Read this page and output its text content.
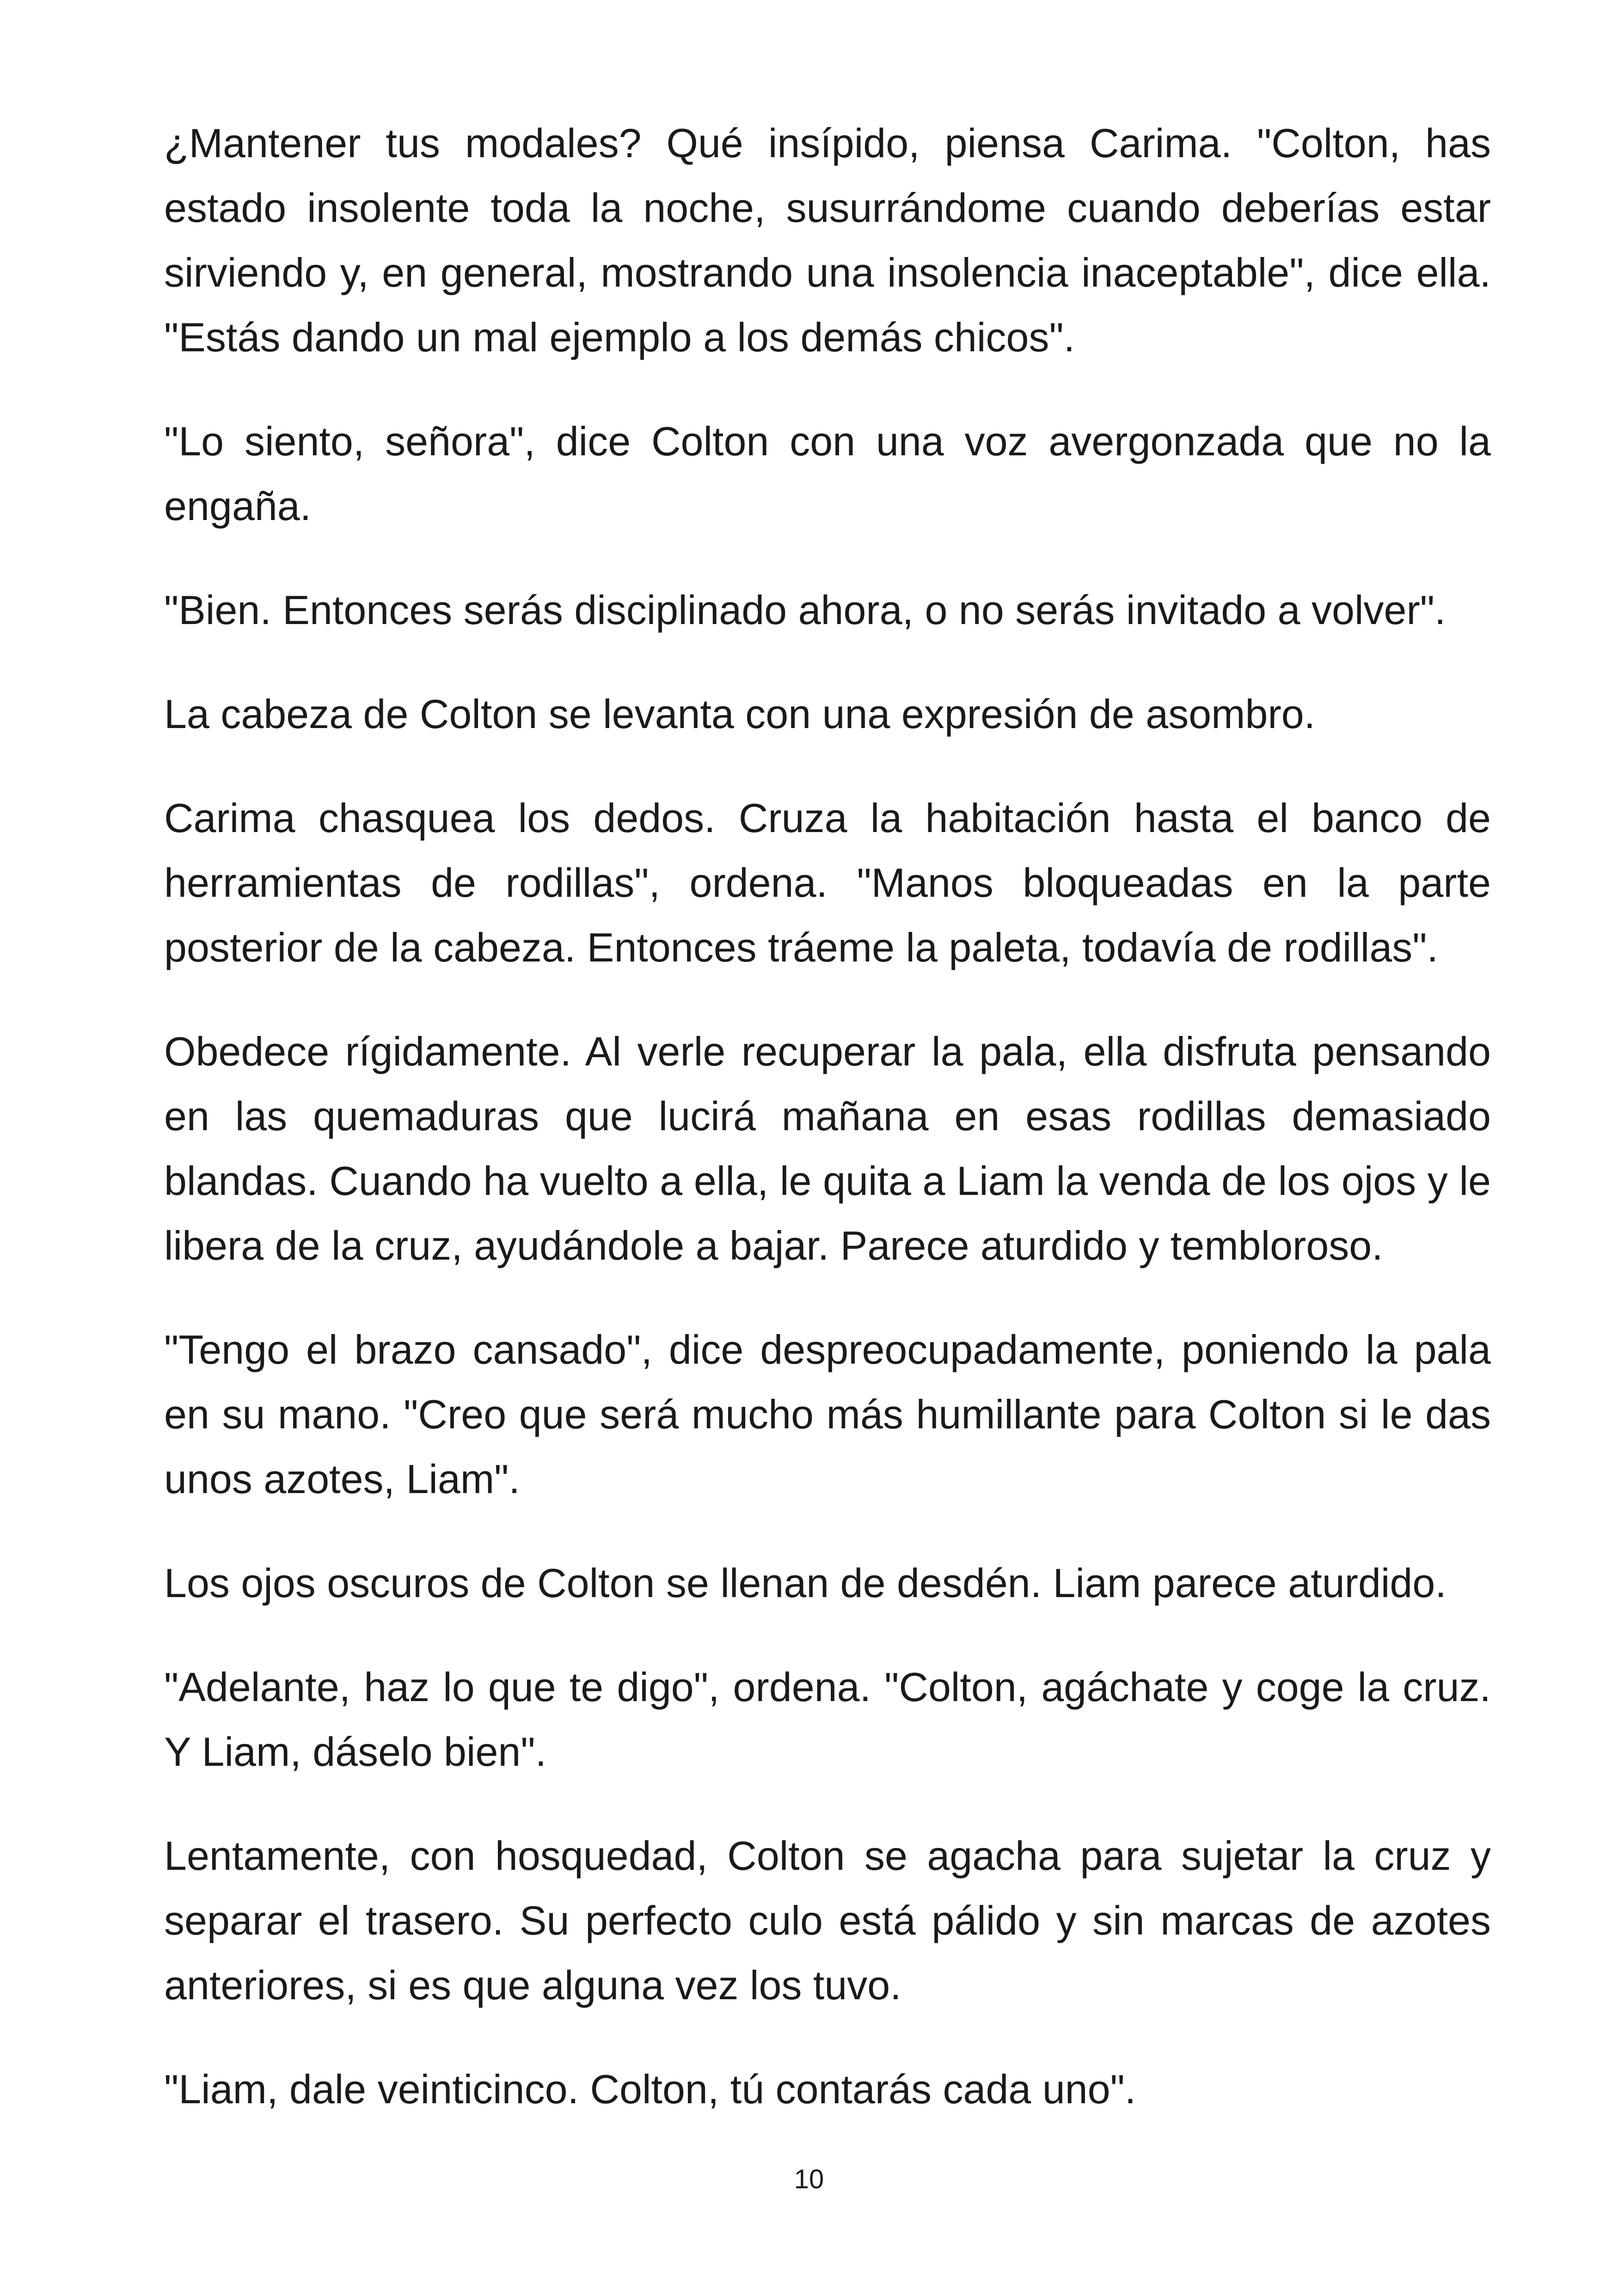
¿Mantener tus modales? Qué insípido, piensa Carima. "Colton, has estado insolente toda la noche, susurrándome cuando deberías estar sirviendo y, en general, mostrando una insolencia inaceptable", dice ella. "Estás dando un mal ejemplo a los demás chicos".

"Lo siento, señora", dice Colton con una voz avergonzada que no la engaña.

"Bien. Entonces serás disciplinado ahora, o no serás invitado a volver".

La cabeza de Colton se levanta con una expresión de asombro.

Carima chasquea los dedos. Cruza la habitación hasta el banco de herramientas de rodillas", ordena. "Manos bloqueadas en la parte posterior de la cabeza. Entonces tráeme la paleta, todavía de rodillas".

Obedece rígidamente. Al verle recuperar la pala, ella disfruta pensando en las quemaduras que lucirá mañana en esas rodillas demasiado blandas. Cuando ha vuelto a ella, le quita a Liam la venda de los ojos y le libera de la cruz, ayudándole a bajar. Parece aturdido y tembloroso.

"Tengo el brazo cansado", dice despreocupadamente, poniendo la pala en su mano. "Creo que será mucho más humillante para Colton si le das unos azotes, Liam".

Los ojos oscuros de Colton se llenan de desdén. Liam parece aturdido.

"Adelante, haz lo que te digo", ordena. "Colton, agáchate y coge la cruz. Y Liam, dáselo bien".

Lentamente, con hosquedad, Colton se agacha para sujetar la cruz y separar el trasero. Su perfecto culo está pálido y sin marcas de azotes anteriores, si es que alguna vez los tuvo.

"Liam, dale veinticinco. Colton, tú contarás cada uno".

10
